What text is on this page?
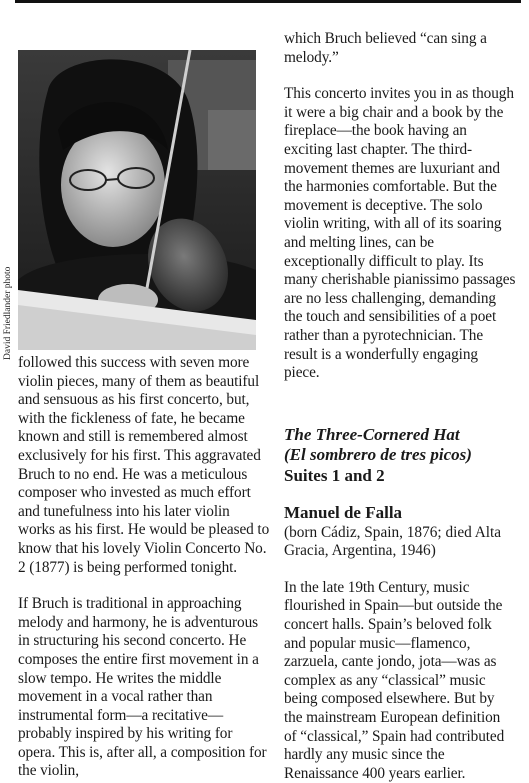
David Friedlander photo

followed this success with seven more violin pieces, many of them as beautiful and sensuous as his first concerto, but, with the fickleness of fate, he became known and still is remembered almost exclusively for his first. This aggravated Bruch to no end. He was a meticulous composer who invested as much effort and tunefulness into his later violin works as his first. He would be pleased to know that his lovely Violin Concerto No. 2 (1877) is being performed tonight.

If Bruch is traditional in approaching melody and harmony, he is adventurous in structuring his second concerto. He composes the entire first movement in a slow tempo. He writes the middle movement in a vocal rather than instrumental form—a recitative—probably inspired by his writing for opera. This is, after all, a composition for the violin,

which Bruch believed “can sing a melody.”

This concerto invites you in as though it were a big chair and a book by the fireplace—the book having an exciting last chapter. The third-movement themes are luxuriant and the harmonies comfortable. But the movement is deceptive. The solo violin writing, with all of its soaring and melting lines, can be exceptionally difficult to play. Its many cherishable pianissimo passages are no less challenging, demanding the touch and sensibilities of a poet rather than a pyrotechnician. The result is a wonderfully engaging piece.

The Three-Cornered Hat
(El sombrero de tres picos)
Suites 1 and 2
Manuel de Falla

(born Cádiz, Spain, 1876; died Alta Gracia, Argentina, 1946)

In the late 19th Century, music flourished in Spain—but outside the concert halls. Spain’s beloved folk and popular music—flamenco, zarzuela, cante jondo, jota—was as complex as any “classical” music being composed elsewhere. But by the mainstream European definition of “classical,” Spain had contributed hardly any music since the Renaissance 400 years earlier.
